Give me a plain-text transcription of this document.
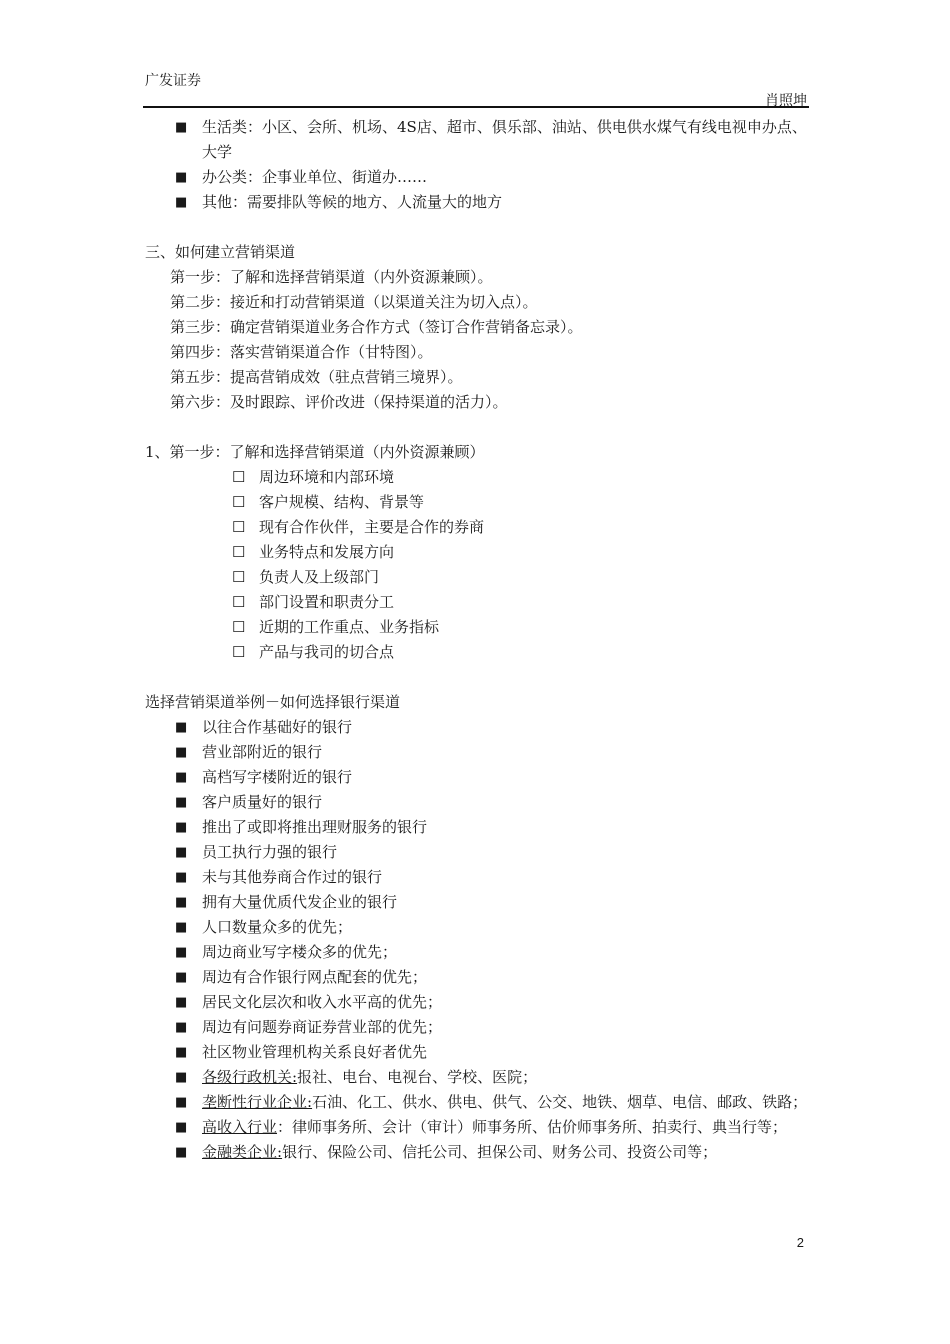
广发证券
肖照坤
■ 生活类：小区、会所、机场、4S店、超市、俱乐部、油站、供电供水煤气有线电视申办点、大学
■ 办公类：企事业单位、街道办……
■ 其他：需要排队等候的地方、人流量大的地方
三、如何建立营销渠道
第一步：了解和选择营销渠道（内外资源兼顾）。
第二步：接近和打动营销渠道（以渠道关注为切入点）。
第三步：确定营销渠道业务合作方式（签订合作营销备忘录）。
第四步：落实营销渠道合作（甘特图）。
第五步：提高营销成效（驻点营销三境界）。
第六步：及时跟踪、评价改进（保持渠道的活力）。
1、第一步：了解和选择营销渠道（内外资源兼顾）
☐ 周边环境和内部环境
☐ 客户规模、结构、背景等
☐ 现有合作伙伴，主要是合作的券商
☐ 业务特点和发展方向
☐ 负责人及上级部门
☐ 部门设置和职责分工
☐ 近期的工作重点、业务指标
☐ 产品与我司的切合点
选择营销渠道举例－如何选择银行渠道
■ 以往合作基础好的银行
■ 营业部附近的银行
■ 高档写字楼附近的银行
■ 客户质量好的银行
■ 推出了或即将推出理财服务的银行
■ 员工执行力强的银行
■ 未与其他券商合作过的银行
■ 拥有大量优质代发企业的银行
■ 人口数量众多的优先；
■ 周边商业写字楼众多的优先；
■ 周边有合作银行网点配套的优先；
■ 居民文化层次和收入水平高的优先；
■ 周边有问题券商证券营业部的优先；
■ 社区物业管理机构关系良好者优先
■ 各级行政机关:报社、电台、电视台、学校、医院；
■ 垄断性行业企业:石油、化工、供水、供电、供气、公交、地铁、烟草、电信、邮政、铁路；
■ 高收入行业：律师事务所、会计（审计）师事务所、估价师事务所、拍卖行、典当行等；
■ 金融类企业:银行、保险公司、信托公司、担保公司、财务公司、投资公司等；
2
